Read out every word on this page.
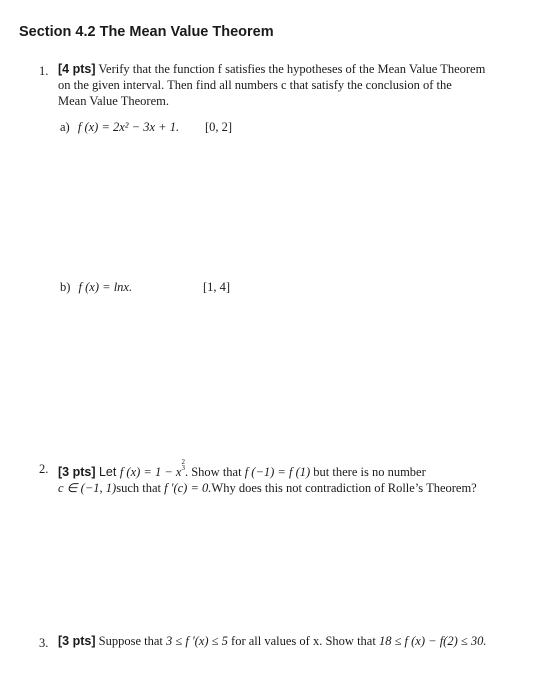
Section 4.2 The Mean Value Theorem
1. [4 pts] Verify that the function f satisfies the hypotheses of the Mean Value Theorem
on the given interval. Then find all numbers c that satisfy the conclusion of the
Mean Value Theorem.
a) f (x) = 2x² − 3x + 1. [0, 2]
b) f (x) = lnx.	[1, 4]
2. [3 pts] Let f (x) = 1 − x
$^{2 3}$ . Show that f (−1) = f (1) but there is no number
c ∈ (−1, 1)such that f ′(c) = 0.Why does this not contradiction of Rolle’s Theorem?
3. [3 pts] Suppose that 3 ≤ f ′(x) ≤ 5 for all values of x. Show that 18 ≤ f (x) − f(2) ≤ 30.
